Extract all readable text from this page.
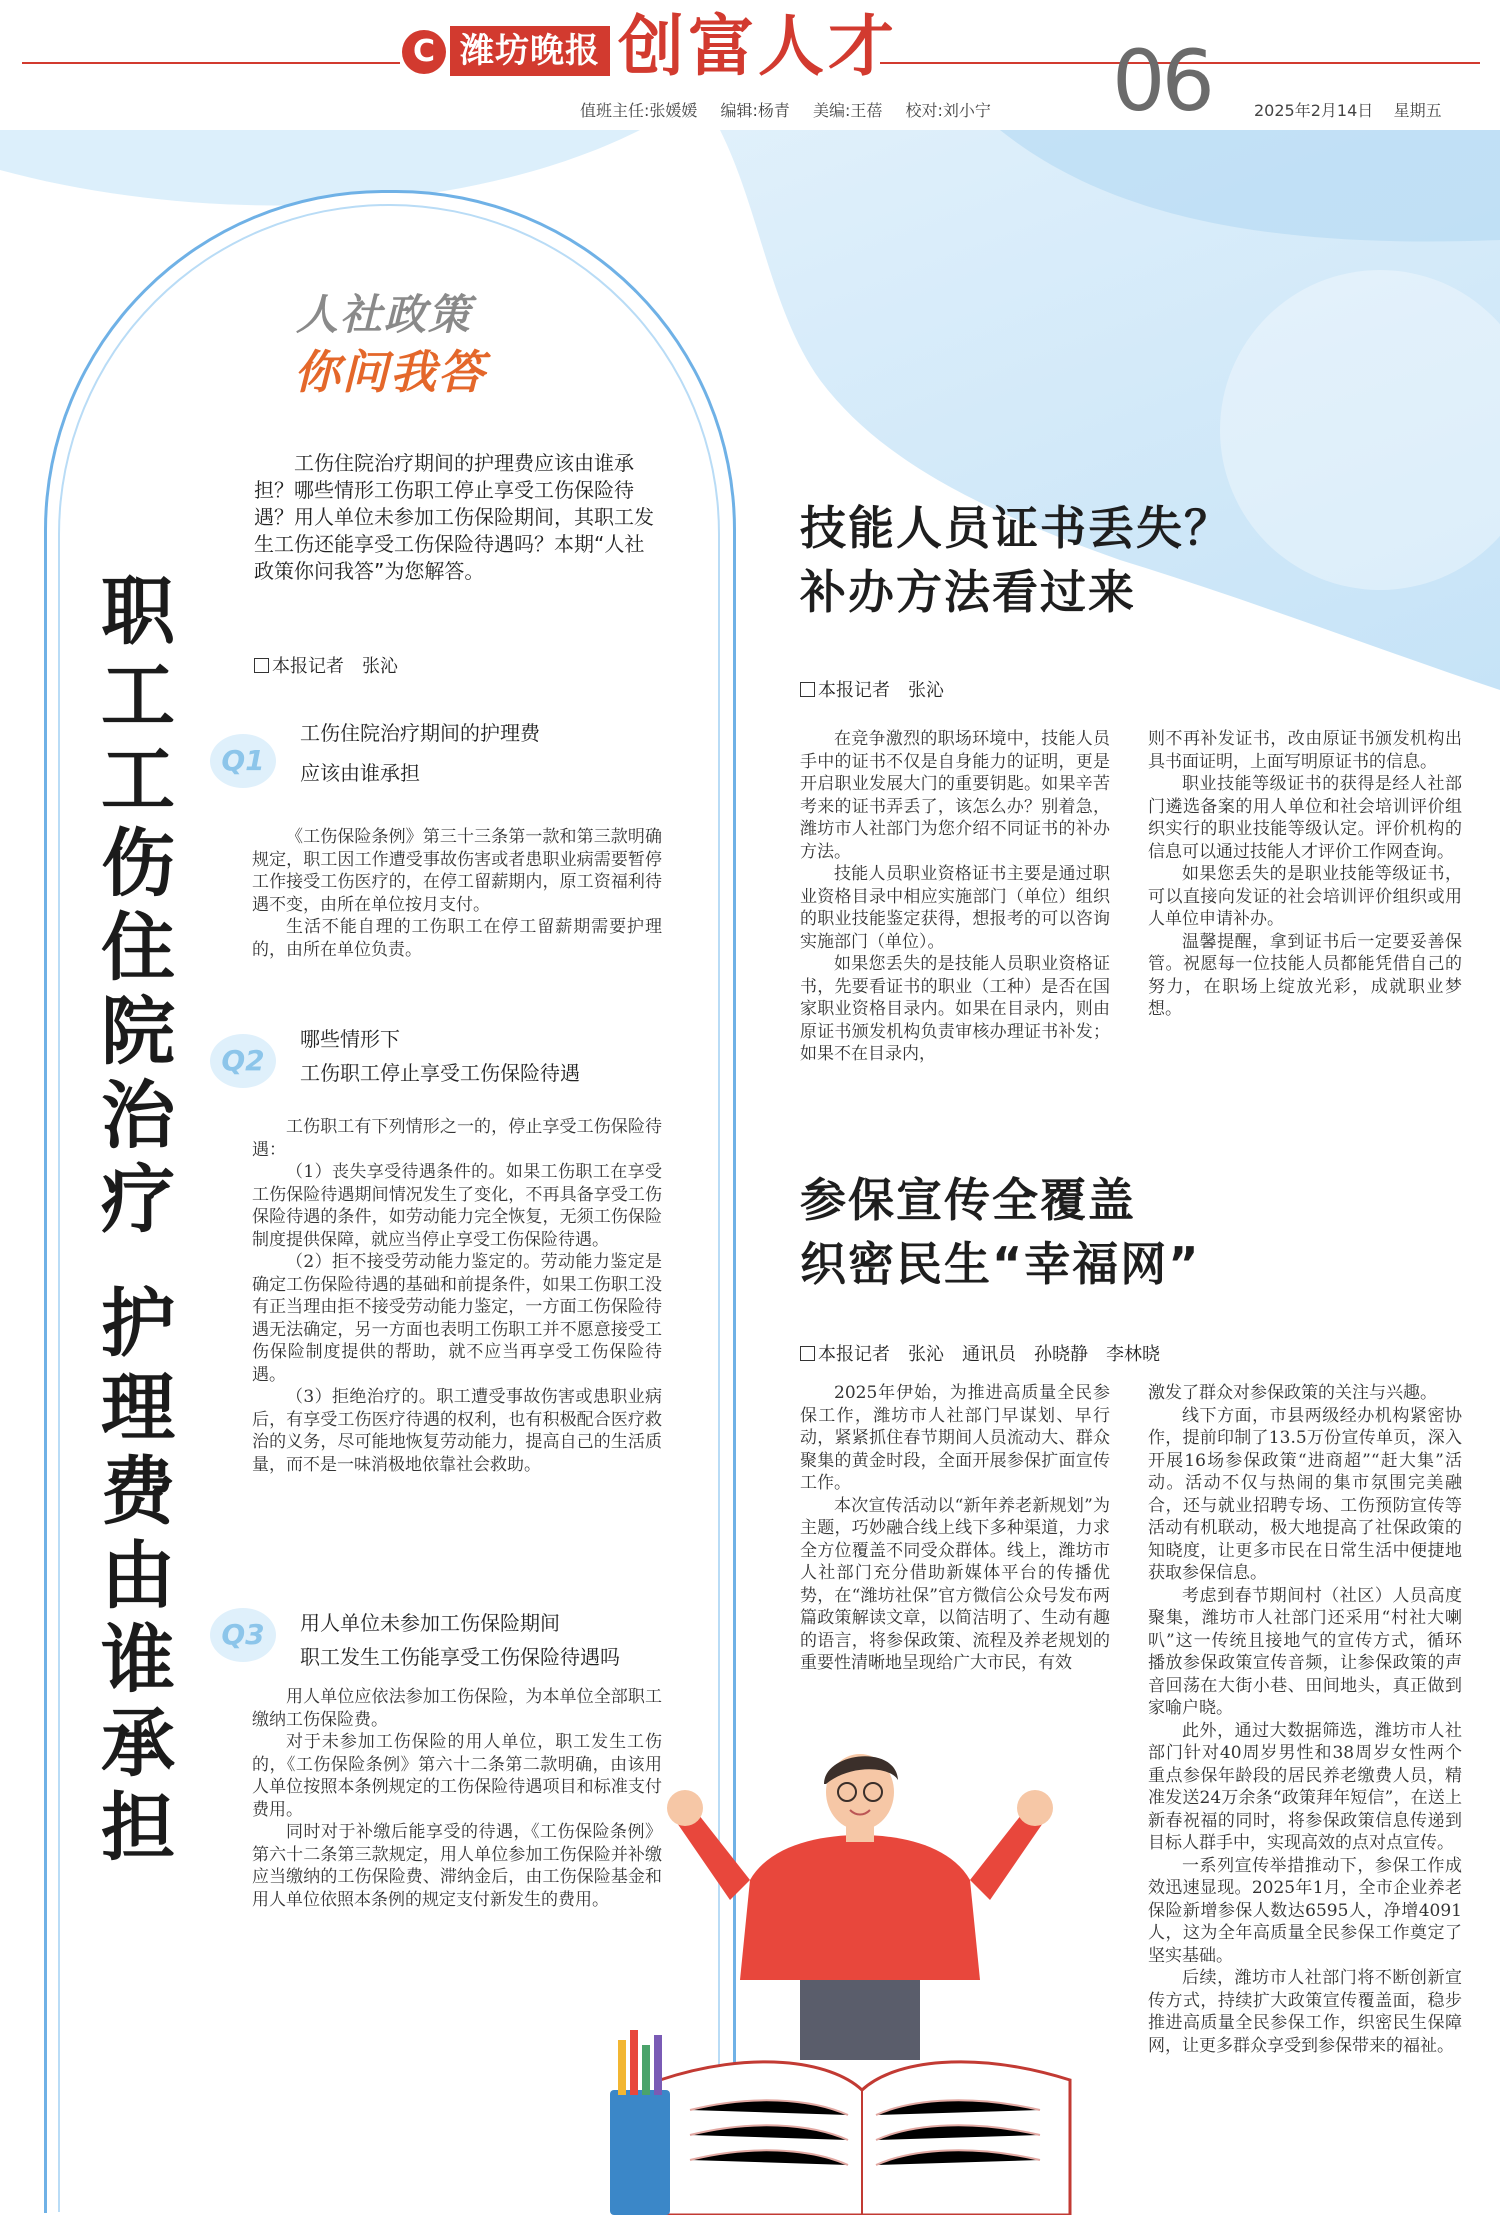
C 潍坊晚报 创富人才
值班主任:张媛媛 编辑:杨青 美编:王蓓 校对:刘小宁 06	2025年2月14日 星期五
人社政策
你问我答
职
工
工
伤
住
院
治
疗
护
理
费
由
谁
承
担
工伤住院治疗期间的护理费应该由谁承担？哪些情形工伤职工停止享受工伤保险待遇？用人单位未参加工伤保险期间，其职工发生工伤还能享受工伤保险待遇吗？本期“人社政策你问我答”为您解答。
本报记者　张沁
Q1
工伤住院治疗期间的护理费
应该由谁承担

《工伤保险条例》第三十三条第一款和第三款明确规定，职工因工作遭受事故伤害或者患职业病需要暂停工作接受工伤医疗的，在停工留薪期内，原工资福利待遇不变，由所在单位按月支付。

生活不能自理的工伤职工在停工留薪期需要护理的，由所在单位负责。

Q2
哪些情形下
工伤职工停止享受工伤保险待遇

工伤职工有下列情形之一的，停止享受工伤保险待遇：

（1）丧失享受待遇条件的。如果工伤职工在享受工伤保险待遇期间情况发生了变化，不再具备享受工伤保险待遇的条件，如劳动能力完全恢复，无须工伤保险制度提供保障，就应当停止享受工伤保险待遇。

（2）拒不接受劳动能力鉴定的。劳动能力鉴定是确定工伤保险待遇的基础和前提条件，如果工伤职工没有正当理由拒不接受劳动能力鉴定，一方面工伤保险待遇无法确定，另一方面也表明工伤职工并不愿意接受工伤保险制度提供的帮助，就不应当再享受工伤保险待遇。

（3）拒绝治疗的。职工遭受事故伤害或患职业病后，有享受工伤医疗待遇的权利，也有积极配合医疗救治的义务，尽可能地恢复劳动能力，提高自己的生活质量，而不是一味消极地依靠社会救助。

Q3	用人单位未参加工伤保险期间
职工发生工伤能享受工伤保险待遇吗

用人单位应依法参加工伤保险，为本单位全部职工缴纳工伤保险费。

对于未参加工伤保险的用人单位，职工发生工伤的，《工伤保险条例》第六十二条第二款明确，由该用人单位按照本条例规定的工伤保险待遇项目和标准支付费用。

同时对于补缴后能享受的待遇，《工伤保险条例》第六十二条第三款规定，用人单位参加工伤保险并补缴应当缴纳的工伤保险费、滞纳金后，由工伤保险基金和用人单位依照本条例的规定支付新发生的费用。

技能人员证书丢失？
补办方法看过来
本报记者　张沁

在竞争激烈的职场环境中，技能人员手中的证书不仅是自身能力的证明，更是开启职业发展大门的重要钥匙。如果辛苦考来的证书弄丢了，该怎么办？别着急，潍坊市人社部门为您介绍不同证书的补办方法。

技能人员职业资格证书主要是通过职业资格目录中相应实施部门（单位）组织的职业技能鉴定获得，想报考的可以咨询实施部门（单位）。

如果您丢失的是技能人员职业资格证书，先要看证书的职业（工种）是否在国家职业资格目录内。如果在目录内，则由原证书颁发机构负责审核办理证书补发；如果不在目录内，

则不再补发证书，改由原证书颁发机构出具书面证明，上面写明原证书的信息。

职业技能等级证书的获得是经人社部门遴选备案的用人单位和社会培训评价组织实行的职业技能等级认定。评价机构的信息可以通过技能人才评价工作网查询。

如果您丢失的是职业技能等级证书，可以直接向发证的社会培训评价组织或用人单位申请补办。

温馨提醒，拿到证书后一定要妥善保管。祝愿每一位技能人员都能凭借自己的努力，在职场上绽放光彩，成就职业梦想。

参保宣传全覆盖
织密民生“幸福网”
本报记者　张沁　通讯员　孙晓静　李林晓

2025年伊始，为推进高质量全民参保工作，潍坊市人社部门早谋划、早行动，紧紧抓住春节期间人员流动大、群众聚集的黄金时段，全面开展参保扩面宣传工作。

本次宣传活动以“新年养老新规划”为主题，巧妙融合线上线下多种渠道，力求全方位覆盖不同受众群体。线上，潍坊市人社部门充分借助新媒体平台的传播优势，在“潍坊社保”官方微信公众号发布两篇政策解读文章，以简洁明了、生动有趣的语言，将参保政策、流程及养老规划的重要性清晰地呈现给广大市民，有效

激发了群众对参保政策的关注与兴趣。

线下方面，市县两级经办机构紧密协作，提前印制了13.5万份宣传单页，深入开展16场参保政策“进商超”“赶大集”活动。活动不仅与热闹的集市氛围完美融合，还与就业招聘专场、工伤预防宣传等活动有机联动，极大地提高了社保政策的知晓度，让更多市民在日常生活中便捷地获取参保信息。

考虑到春节期间村（社区）人员高度聚集，潍坊市人社部门还采用“村社大喇叭”这一传统且接地气的宣传方式，循环播放参保政策宣传音频，让参保政策的声音回荡在大街小巷、田间地头，真正做到家喻户晓。

此外，通过大数据筛选，潍坊市人社部门针对40周岁男性和38周岁女性两个重点参保年龄段的居民养老缴费人员，精准发送24万余条“政策拜年短信”，在送上新春祝福的同时，将参保政策信息传递到目标人群手中，实现高效的点对点宣传。

一系列宣传举措推动下，参保工作成效迅速显现。2025年1月，全市企业养老保险新增参保人数达6595人，净增4091人，这为全年高质量全民参保工作奠定了坚实基础。

后续，潍坊市人社部门将不断创新宣传方式，持续扩大政策宣传覆盖面，稳步推进高质量全民参保工作，织密民生保障网，让更多群众享受到参保带来的福祉。
